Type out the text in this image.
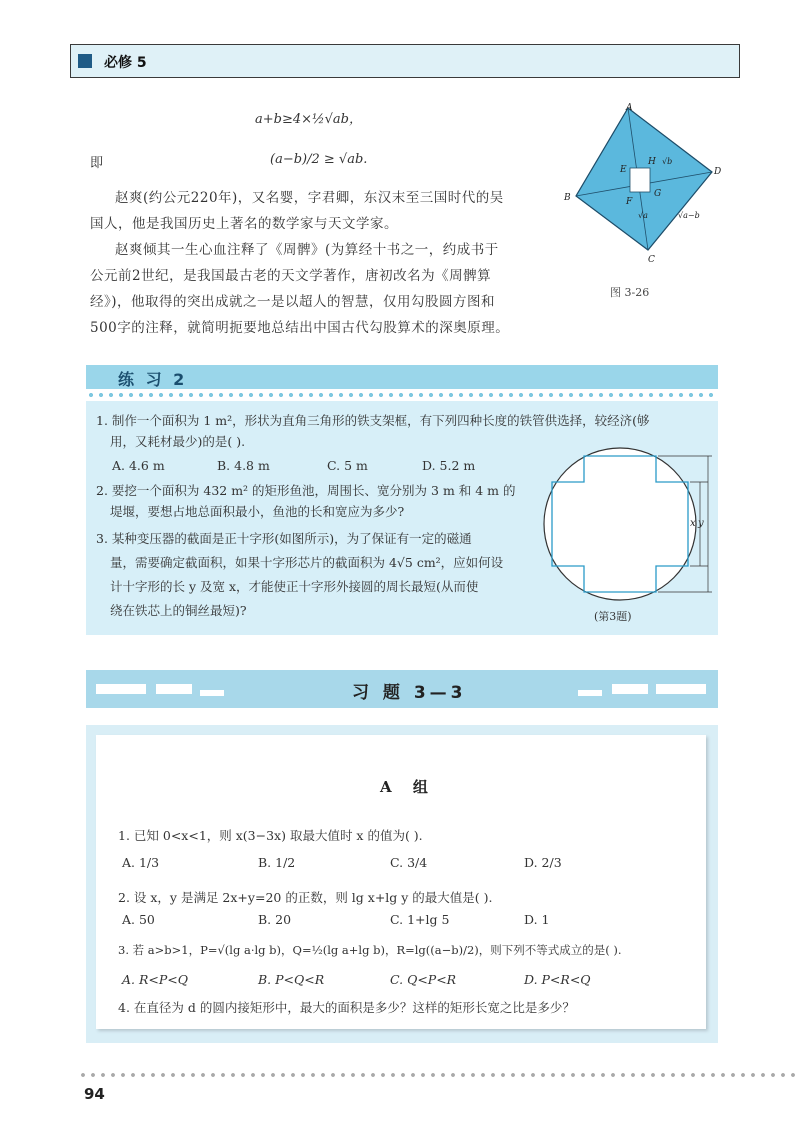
必修 5
a+b≥4×½√ab，
即	(a−b)/2 ≥ √ab.
赵爽(约公元220年)，又名婴，字君卿，东汉末至三国时代的吴
国人，他是我国历史上著名的数学家与天文学家。
赵爽倾其一生心血注释了《周髀》(为算经十书之一，约成书于
公元前2世纪，是我国最古老的天文学著作，唐初改名为《周髀算
经》)，他取得的突出成就之一是以超人的智慧，仅用勾股圆方图和
500字的注释，就简明扼要地总结出中国古代勾股算术的深奥原理。
A
B
C
D
E
F
G
H √b
√a	√a−b
图 3-26
练 习 2
1. 制作一个面积为 1 m²，形状为直角三角形的铁支架框，有下列四种长度的铁管供选择，较经济(够
用，又耗材最少)的是( ).
A. 4.6 m	B. 4.8 m	C. 5 m	D. 5.2 m
2. 要挖一个面积为 432 m² 的矩形鱼池，周围长、宽分别为 3 m 和 4 m 的
堤堰，要想占地总面积最小，鱼池的长和宽应为多少?
3. 某种变压器的截面是正十字形(如图所示)，为了保证有一定的磁通
量，需要确定截面积，如果十字形芯片的截面积为 4√5 cm²，应如何设
计十字形的长 y 及宽 x，才能使正十字形外接圆的周长最短(从而使
绕在铁芯上的铜丝最短)?
x y
(第3题)
习 题 3—3
A 组
1. 已知 0<x<1，则 x(3−3x) 取最大值时 x 的值为( ).
A. 1/3	B. 1/2	C. 3/4	D. 2/3
2. 设 x，y 是满足 2x+y=20 的正数，则 lg x+lg y 的最大值是( ).
A. 50	B. 20	C. 1+lg 5	D. 1
3. 若 a>b>1，P=√(lg a·lg b)，Q=½(lg a+lg b)，R=lg((a−b)/2)，则下列不等式成立的是( ).
A. R<P<Q	B. P<Q<R	C. Q<P<R	D. P<R<Q
4. 在直径为 d 的圆内接矩形中，最大的面积是多少？这样的矩形长宽之比是多少？
94
